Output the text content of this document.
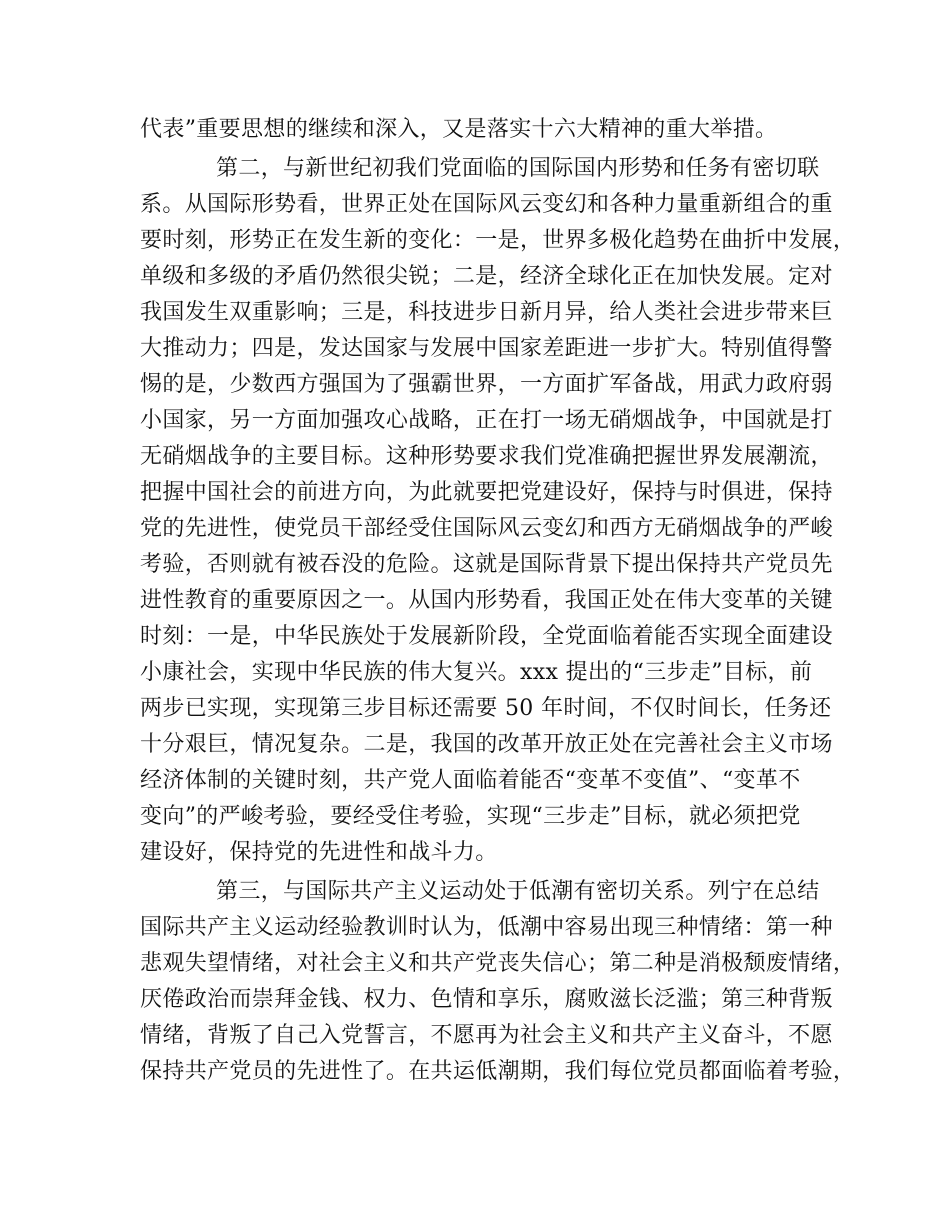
代表”重要思想的继续和深入，又是落实十六大精神的重大举措。
第二，与新世纪初我们党面临的国际国内形势和任务有密切联
系。从国际形势看，世界正处在国际风云变幻和各种力量重新组合的重
要时刻，形势正在发生新的变化：一是，世界多极化趋势在曲折中发展，
单级和多级的矛盾仍然很尖锐；二是，经济全球化正在加快发展。定对
我国发生双重影响；三是，科技进步日新月异，给人类社会进步带来巨
大推动力；四是，发达国家与发展中国家差距进一步扩大。特别值得警
惕的是，少数西方强国为了强霸世界，一方面扩军备战，用武力政府弱
小国家，另一方面加强攻心战略，正在打一场无硝烟战争，中国就是打
无硝烟战争的主要目标。这种形势要求我们党准确把握世界发展潮流，
把握中国社会的前进方向，为此就要把党建设好，保持与时俱进，保持
党的先进性，使党员干部经受住国际风云变幻和西方无硝烟战争的严峻
考验，否则就有被吞没的危险。这就是国际背景下提出保持共产党员先
进性教育的重要原因之一。从国内形势看，我国正处在伟大变革的关键
时刻：一是，中华民族处于发展新阶段，全党面临着能否实现全面建设
小康社会，实现中华民族的伟大复兴。xxx 提出的“三步走”目标，前
两步已实现，实现第三步目标还需要 50 年时间，不仅时间长，任务还
十分艰巨，情况复杂。二是，我国的改革开放正处在完善社会主义市场
经济体制的关键时刻，共产党人面临着能否“变革不变值”、“变革不
变向”的严峻考验，要经受住考验，实现“三步走”目标，就必须把党
建设好，保持党的先进性和战斗力。
第三，与国际共产主义运动处于低潮有密切关系。列宁在总结
国际共产主义运动经验教训时认为，低潮中容易出现三种情绪：第一种
悲观失望情绪，对社会主义和共产党丧失信心；第二种是消极颓废情绪，
厌倦政治而崇拜金钱、权力、色情和享乐，腐败滋长泛滥；第三种背叛
情绪，背叛了自己入党誓言，不愿再为社会主义和共产主义奋斗，不愿
保持共产党员的先进性了。在共运低潮期，我们每位党员都面临着考验，
